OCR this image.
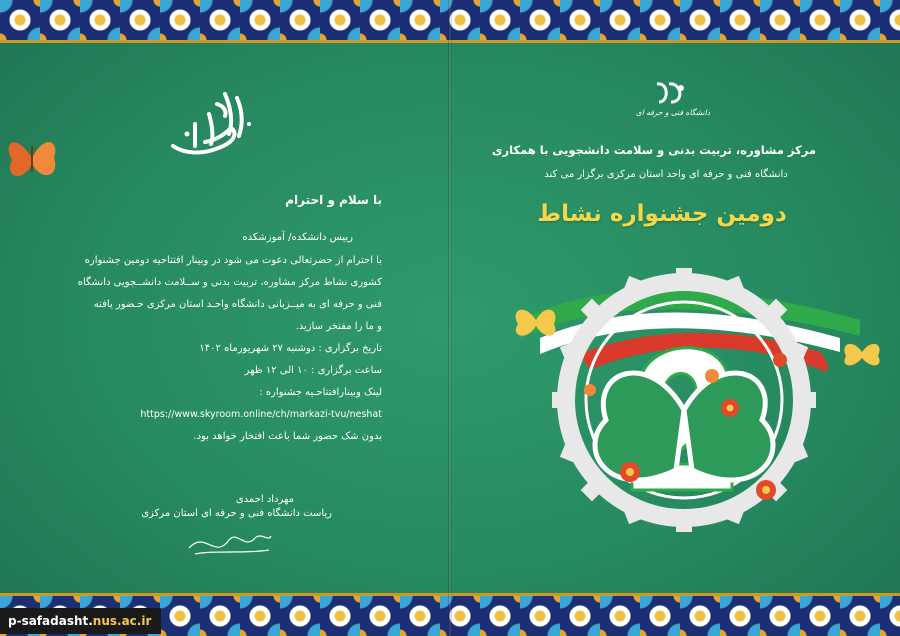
با سلام و احترام
رییس دانشکده/ آموزشکده
با احترام از حضرتعالی دعوت می شود در وبینار افتتاحیه دومین جشنواره
کشوری نشاط مرکز مشاوره، تربیت بدنی و ســلامت دانشــجویی دانشگاه
فنی و حرفه ای به میــزبانی دانشگاه واحـد استان مرکزی حـضور یافته
و ما را مفتخر سازید.
تاریخ برگزاری : دوشنبه ۲۷ شهریورماه ۱۴۰۲
ساعت برگزاری : ۱۰ الی ۱۲ ظهر
لینک وبینارافتتاحـیه جشنواره :
https://www.skyroom.online/ch/markazi-tvu/neshat
بدون شک حضور شما باعث افتخار خواهد بود.
مهرداد احمدی
ریاست دانشگاه فنی و حرفه ای استان مرکزی
دانشگاه فنی و حرفه ای
مرکز مشاوره، تربیت بدنی و سلامت دانشجویی با همکاری
دانشگاه فنی و حرفه ای واحد استان مرکزی برگزار می کند
دومین جشنواره نشاط
p-safadasht.nus.ac.ir
